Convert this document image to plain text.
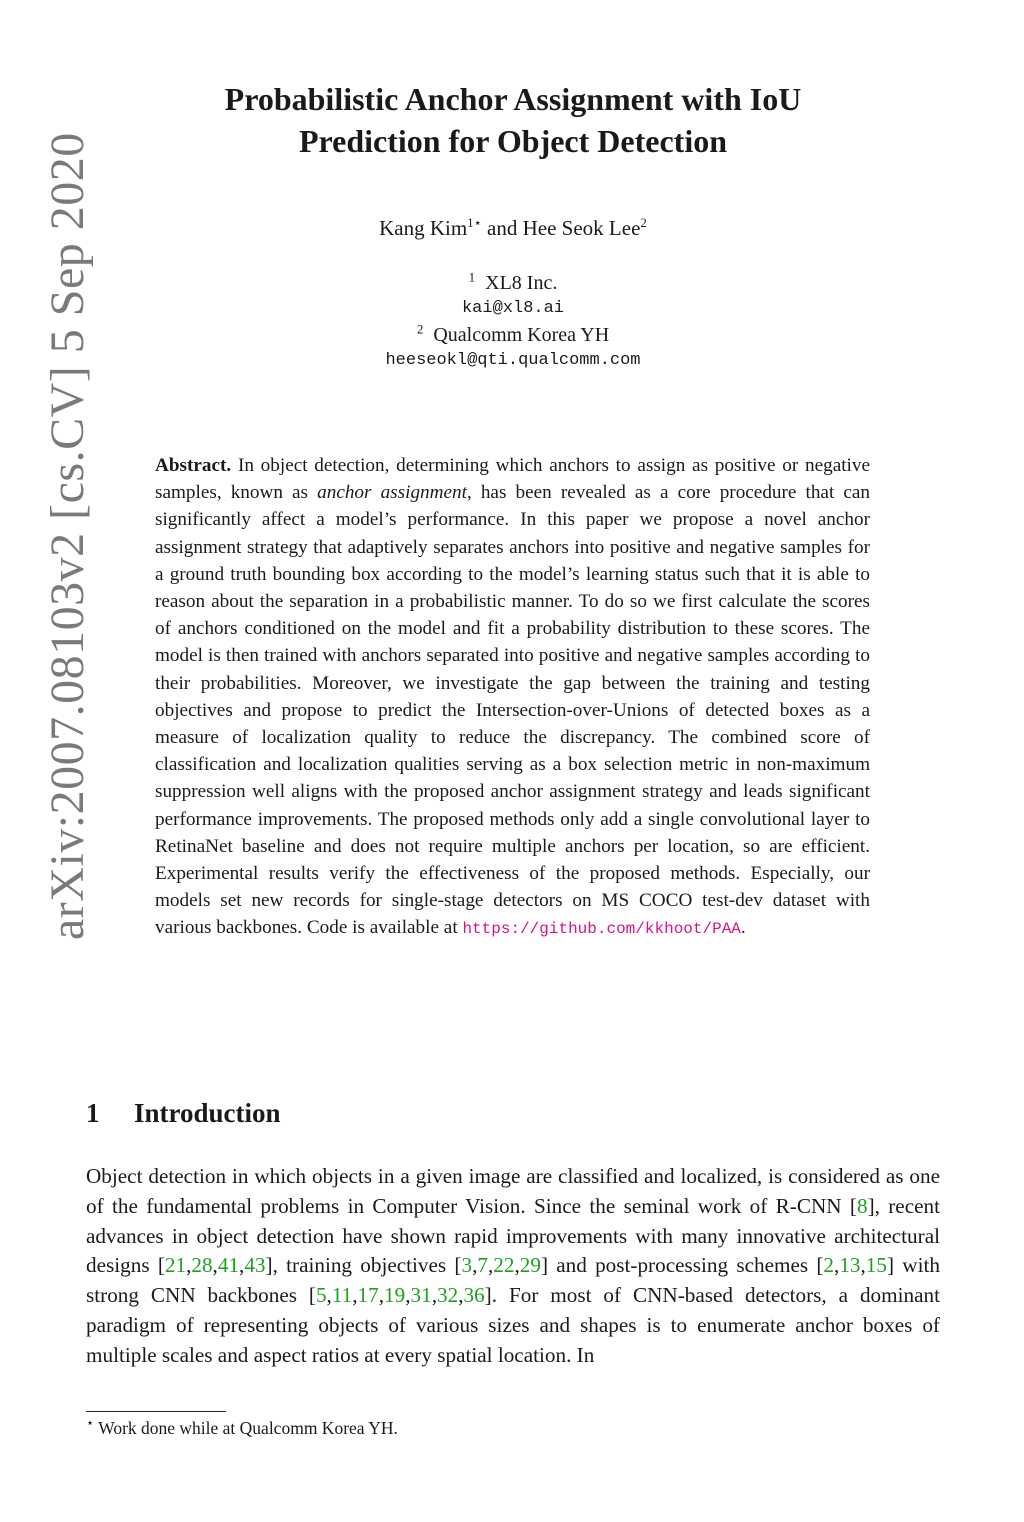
arXiv:2007.08103v2 [cs.CV] 5 Sep 2020
Probabilistic Anchor Assignment with IoU
Prediction for Object Detection
Kang Kim$^{1⋆}$ and Hee Seok Lee$^2$
$^1$ XL8 Inc.
kai@xl8.ai
$^2$ Qualcomm Korea YH
heeseokl@qti.qualcomm.com
Abstract. In object detection, determining which anchors to assign as positive or negative samples, known as anchor assignment, has been revealed as a core procedure that can significantly affect a model’s performance. In this paper we propose a novel anchor assignment strategy that adaptively separates anchors into positive and negative samples for a ground truth bounding box according to the model’s learning status such that it is able to reason about the separation in a probabilistic manner. To do so we first calculate the scores of anchors conditioned on the model and fit a probability distribution to these scores. The model is then trained with anchors separated into positive and negative samples according to their probabilities. Moreover, we investigate the gap between the training and testing objectives and propose to predict the Intersection-over-Unions of detected boxes as a measure of localization quality to reduce the discrepancy. The combined score of classification and localization qualities serving as a box selection metric in non-maximum suppression well aligns with the proposed anchor assignment strategy and leads significant performance improvements. The proposed methods only add a single convolutional layer to RetinaNet baseline and does not require multiple anchors per location, so are efficient. Experimental results verify the effectiveness of the proposed methods. Especially, our models set new records for single-stage detectors on MS COCO test-dev dataset with various backbones. Code is available at https://github.com/kkhoot/PAA.
1 Introduction
Object detection in which objects in a given image are classified and localized, is considered as one of the fundamental problems in Computer Vision. Since the seminal work of R-CNN [8], recent advances in object detection have shown rapid improvements with many innovative architectural designs [21,28,41,43], training objectives [3,7,22,29] and post-processing schemes [2,13,15] with strong CNN backbones [5,11,17,19,31,32,36]. For most of CNN-based detectors, a dominant paradigm of representing objects of various sizes and shapes is to enumerate anchor boxes of multiple scales and aspect ratios at every spatial location. In
⋆ Work done while at Qualcomm Korea YH.
